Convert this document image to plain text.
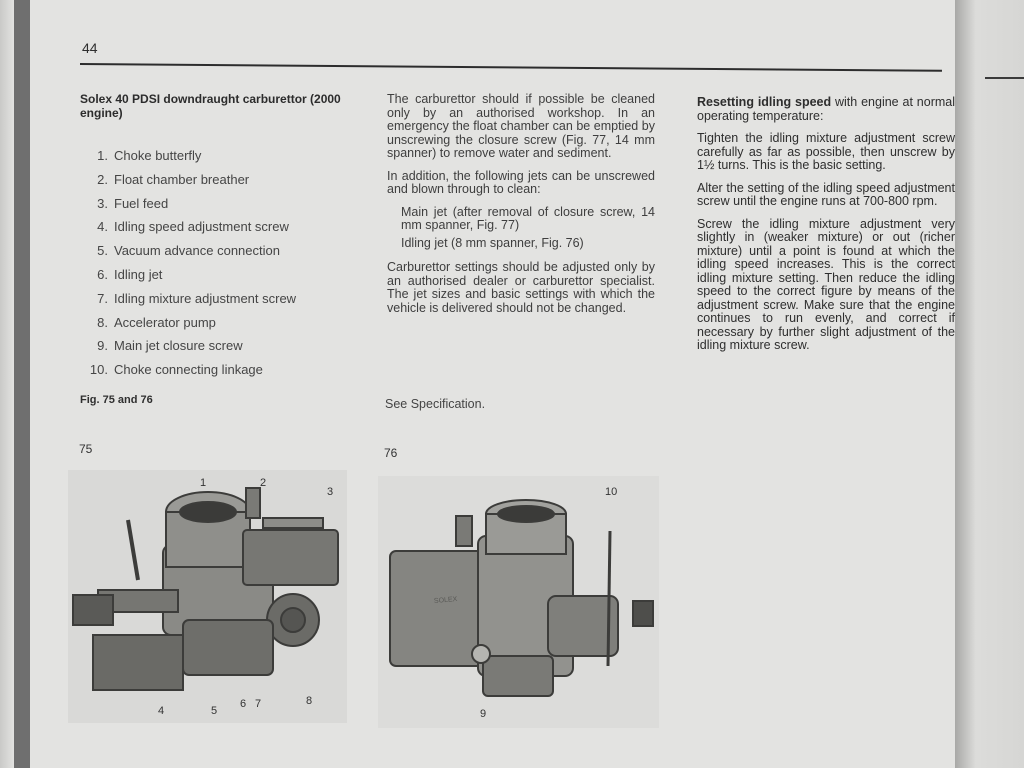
44
Solex 40 PDSI downdraught carburettor (2000 engine)
1. Choke butterfly
2. Float chamber breather
3. Fuel feed
4. Idling speed adjustment screw
5. Vacuum advance connection
6. Idling jet
7. Idling mixture adjustment screw
8. Accelerator pump
9. Main jet closure screw
10. Choke connecting linkage
Fig. 75 and 76

The carburettor should if possible be cleaned only by an authorised workshop. In an emergency the float chamber can be emptied by unscrewing the closure screw (Fig. 77, 14 mm spanner) to remove water and sediment.

In addition, the following jets can be unscrewed and blown through to clean:

Main jet (after removal of closure screw, 14 mm spanner, Fig. 77)

Idling jet (8 mm spanner, Fig. 76)

Carburettor settings should be adjusted only by an authorised dealer or carburettor specialist. The jet sizes and basic settings with which the vehicle is delivered should not be changed.

See Specification.

Resetting idling speed with engine at normal operating temperature:

Tighten the idling mixture adjustment screw carefully as far as possible, then unscrew by 1½ turns. This is the basic setting.

Alter the setting of the idling speed adjustment screw until the engine runs at 700-800 rpm.

Screw the idling mixture adjustment very slightly in (weaker mixture) or out (richer mixture) until a point is found at which the idling speed increases. This is the correct idling mixture setting. Then reduce the idling speed to the correct figure by means of the adjustment screw. Make sure that the engine continues to run evenly, and correct if necessary by further slight adjustment of the idling mixture screw.

75
1	2
3
4	5
6 7	8
76
SOLEX
10
9
